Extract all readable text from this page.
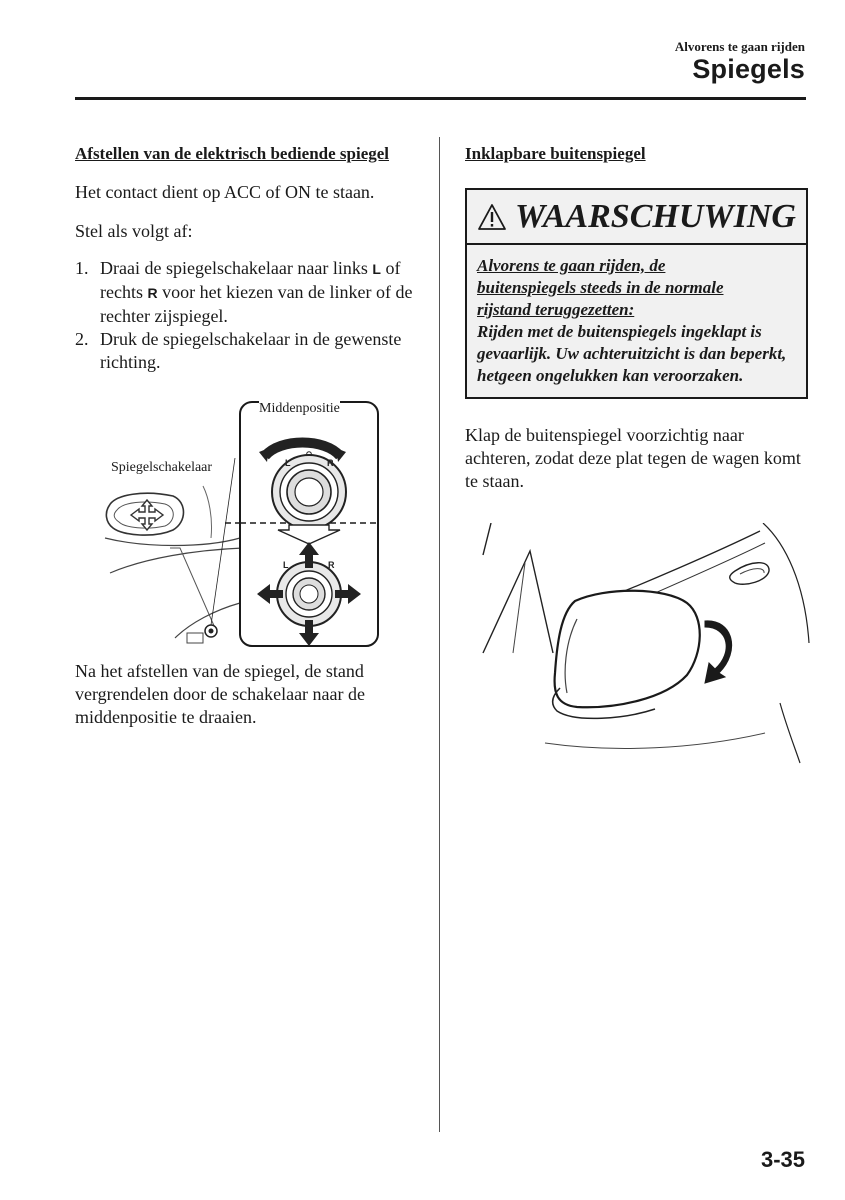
Alvorens te gaan rijden
Spiegels
Afstellen van de elektrisch bediende spiegel

Het contact dient op ACC of ON te staan.

Stel als volgt af:

1. Draai de spiegelschakelaar naar links L of rechts R voor het kiezen van de linker of de rechter zijspiegel.
2. Druk de spiegelschakelaar in de gewenste richting.
L	R
L	R
Middenpositie
Spiegelschakelaar

Na het afstellen van de spiegel, de stand vergrendelen door de schakelaar naar de middenpositie te draaien.

Inklapbare buitenspiegel
WAARSCHUWING
Alvorens te gaan rijden, de
buitenspiegels steeds in de normale
rijstand teruggezetten:
Rijden met de buitenspiegels ingeklapt is gevaarlijk. Uw achteruitzicht is dan beperkt, hetgeen ongelukken kan veroorzaken.

Klap de buitenspiegel voorzichtig naar achteren, zodat deze plat tegen de wagen komt te staan.

3-35
